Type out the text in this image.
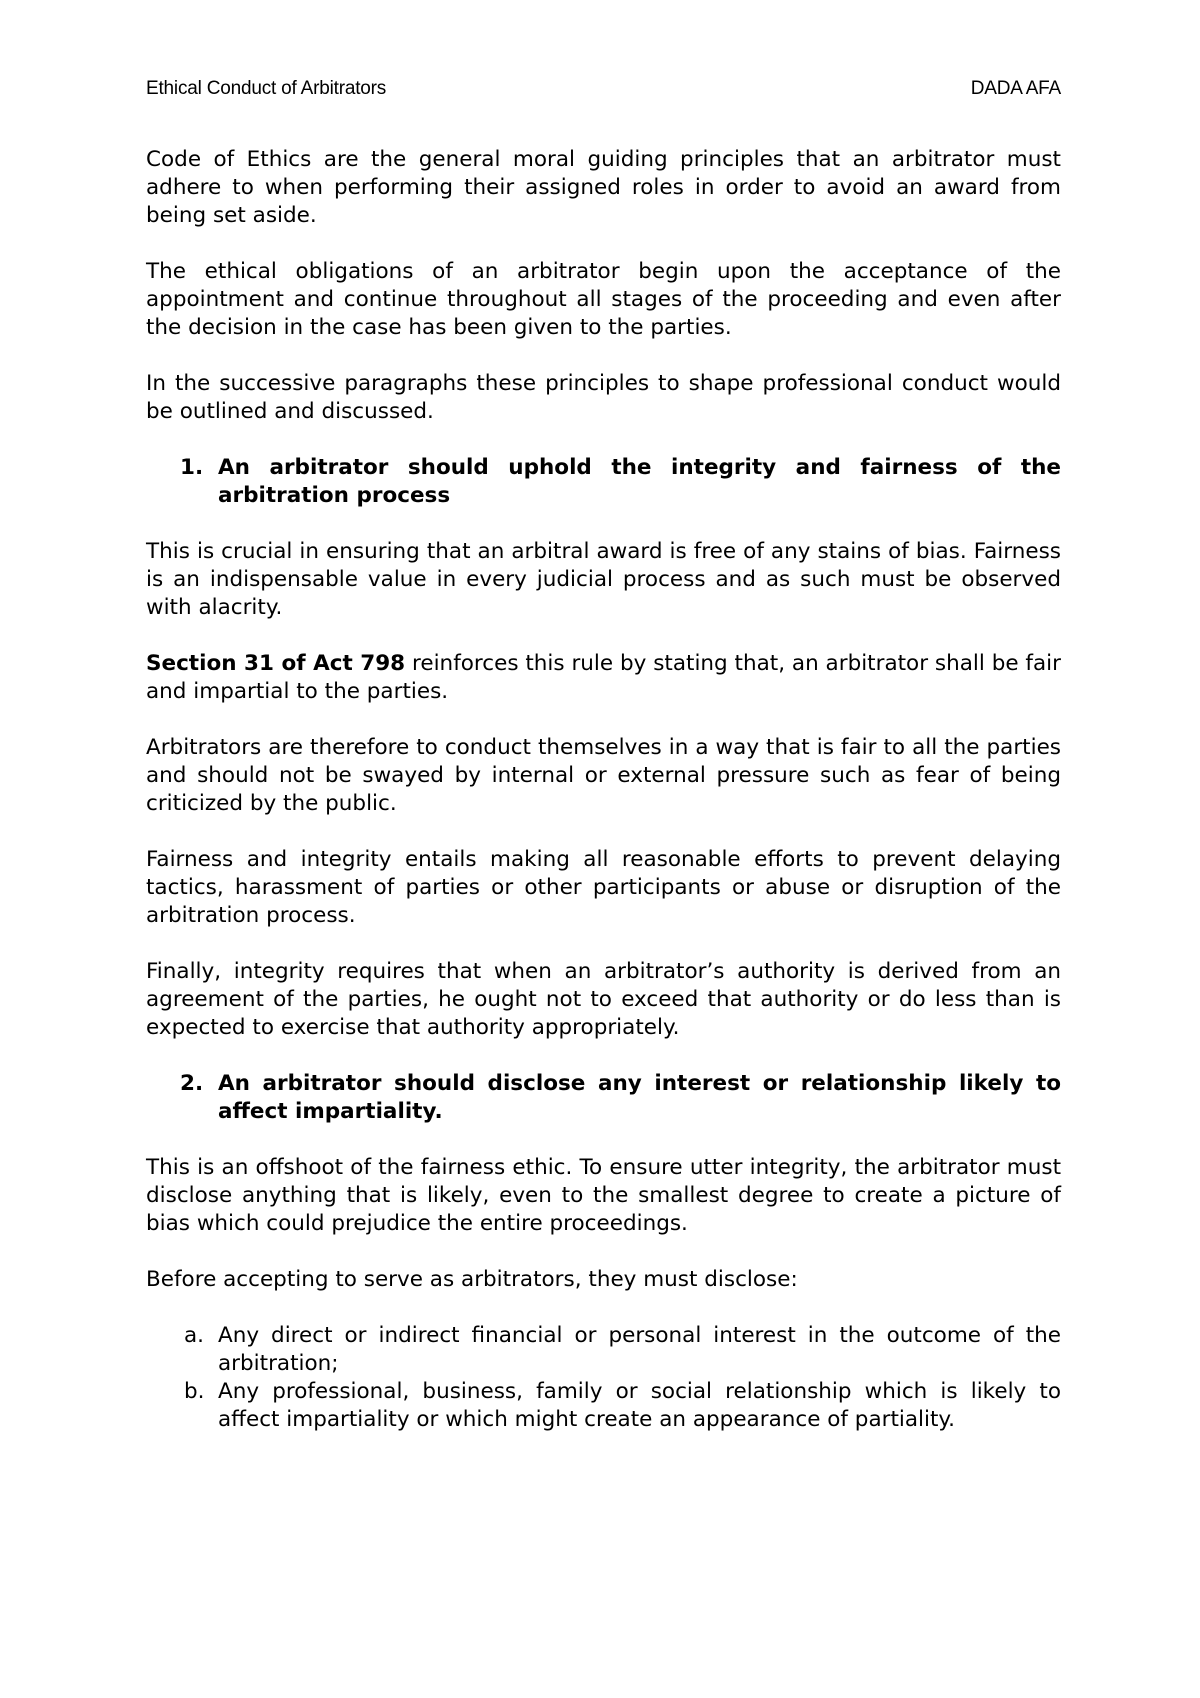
Ethical Conduct of Arbitrators	DADA AFA

Code of Ethics are the general moral guiding principles that an arbitrator must adhere to when performing their assigned roles in order to avoid an award from being set aside.

The ethical obligations of an arbitrator begin upon the acceptance of the appointment and continue throughout all stages of the proceeding and even after the decision in the case has been given to the parties.

In the successive paragraphs these principles to shape professional conduct would be outlined and discussed.

1. An arbitrator should uphold the integrity and fairness of the arbitration process

This is crucial in ensuring that an arbitral award is free of any stains of bias. Fairness is an indispensable value in every judicial process and as such must be observed with alacrity.

Section 31 of Act 798 reinforces this rule by stating that, an arbitrator shall be fair and impartial to the parties.

Arbitrators are therefore to conduct themselves in a way that is fair to all the parties and should not be swayed by internal or external pressure such as fear of being criticized by the public.

Fairness and integrity entails making all reasonable efforts to prevent delaying tactics, harassment of parties or other participants or abuse or disruption of the arbitration process.

Finally, integrity requires that when an arbitrator’s authority is derived from an agreement of the parties, he ought not to exceed that authority or do less than is expected to exercise that authority appropriately.

2. An arbitrator should disclose any interest or relationship likely to affect impartiality.

This is an offshoot of the fairness ethic. To ensure utter integrity, the arbitrator must disclose anything that is likely, even to the smallest degree to create a picture of bias which could prejudice the entire proceedings.

Before accepting to serve as arbitrators, they must disclose:

a. Any direct or indirect financial or personal interest in the outcome of the arbitration;
b. Any professional, business, family or social relationship which is likely to affect impartiality or which might create an appearance of partiality.
